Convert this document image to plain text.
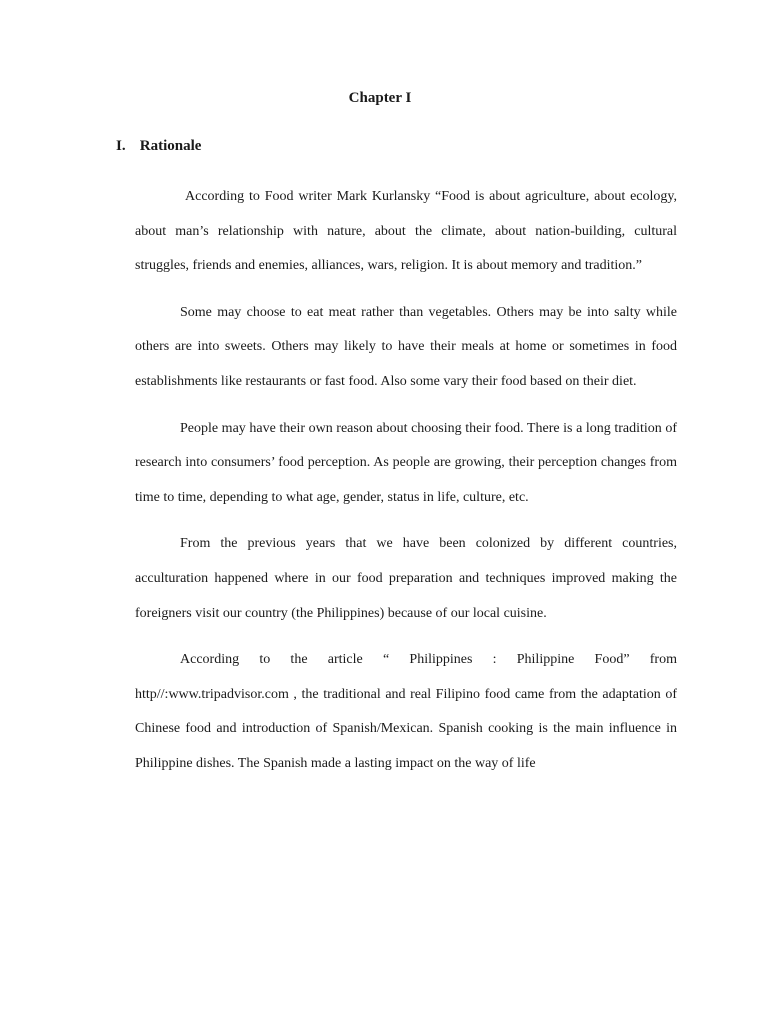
Chapter I
I. Rationale

According to Food writer Mark Kurlansky “Food is about agriculture, about ecology, about man’s relationship with nature, about the climate, about nation-building, cultural struggles, friends and enemies, alliances, wars, religion. It is about memory and tradition.”

Some may choose to eat meat rather than vegetables. Others may be into salty while others are into sweets. Others may likely to have their meals at home or sometimes in food establishments like restaurants or fast food. Also some vary their food based on their diet.

People may have their own reason about choosing their food. There is a long tradition of research into consumers’ food perception. As people are growing, their perception changes from time to time, depending to what age, gender, status in life, culture, etc.

From the previous years that we have been colonized by different countries, acculturation happened where in our food preparation and techniques improved making the foreigners visit our country (the Philippines) because of our local cuisine.

According to the article “ Philippines : Philippine Food” from http//:www.tripadvisor.com , the traditional and real Filipino food came from the adaptation of Chinese food and introduction of Spanish/Mexican. Spanish cooking is the main influence in Philippine dishes. The Spanish made a lasting impact on the way of life
